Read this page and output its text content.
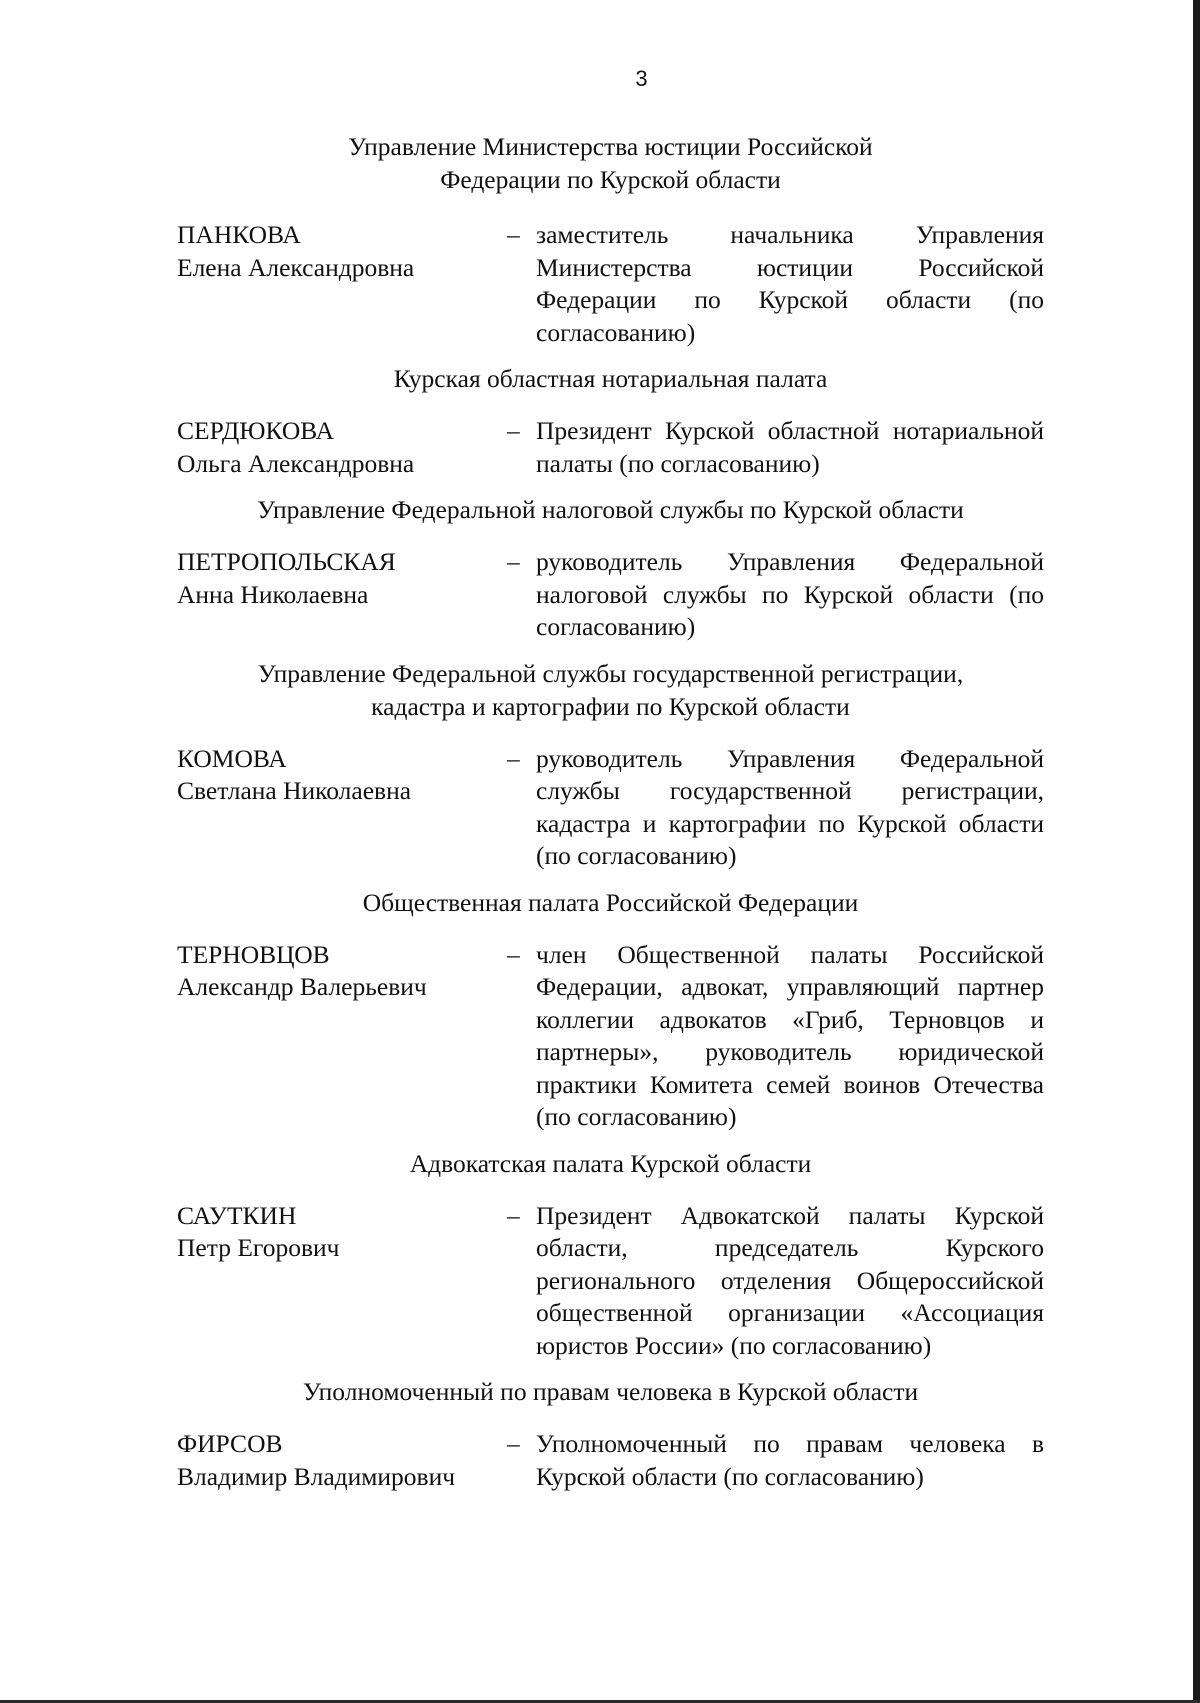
3

Управление Министерства юстиции Российской Федерации по Курской области

ПАНКОВА
Елена Александровна
– заместитель начальника Управления Министерства юстиции Российской Федерации по Курской области (по согласованию)

Курская областная нотариальная палата

СЕРДЮКОВА
Ольга Александровна
– Президент Курской областной нотариальной палаты (по согласованию)

Управление Федеральной налоговой службы по Курской области

ПЕТРОПОЛЬСКАЯ
Анна Николаевна
– руководитель Управления Федеральной налоговой службы по Курской области (по согласованию)

Управление Федеральной службы государственной регистрации, кадастра и картографии по Курской области

КОМОВА
Светлана Николаевна
– руководитель Управления Федеральной службы государственной регистрации, кадастра и картографии по Курской области (по согласованию)

Общественная палата Российской Федерации

ТЕРНОВЦОВ
Александр Валерьевич
– член Общественной палаты Российской Федерации, адвокат, управляющий партнер коллегии адвокатов «Гриб, Терновцов и партнеры», руководитель юридической практики Комитета семей воинов Отечества (по согласованию)

Адвокатская палата Курской области

САУТКИН
Петр Егорович
– Президент Адвокатской палаты Курской области, председатель Курского регионального отделения Общероссийской общественной организации «Ассоциация юристов России» (по согласованию)

Уполномоченный по правам человека в Курской области

ФИРСОВ
Владимир Владимирович
– Уполномоченный по правам человека в Курской области (по согласованию)
